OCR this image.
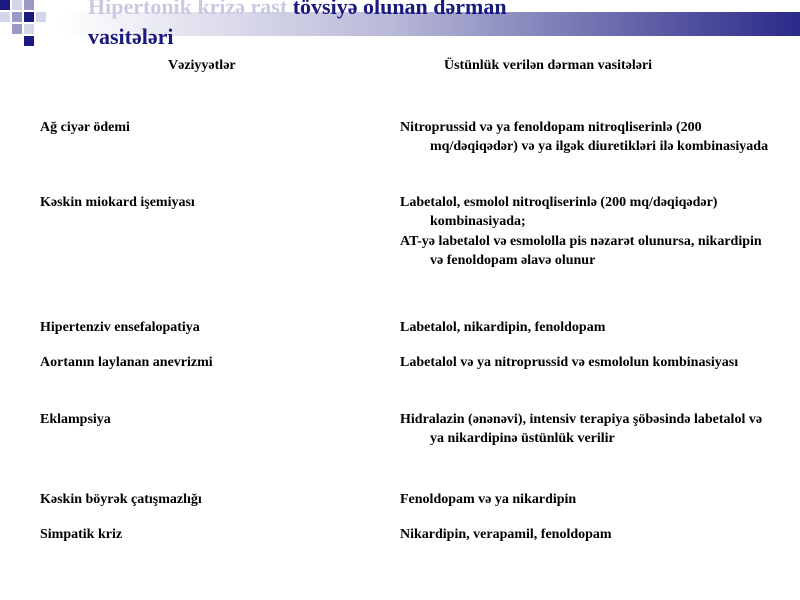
Hipertonik krizə rast tövsiyə olunan dərman
vasitələri
Vəziyyətlər	Üstünlük verilən dərman vasitələri
Ağ ciyər ödemi	Nitroprussid və ya fenoldopam nitroqliserinlə (200 mq/dəqiqədər) və ya ilgək diuretikləri ilə kombinasiyada

Kəskin miokard işemiyası	Labetalol, esmolol nitroqliserinlə (200 mq/dəqiqədər) kombinasiyada;

AT-yə labetalol və esmololla pis nəzarət olunursa, nikardipin və fenoldopam əlavə olunur

Hipertenziv ensefalopatiya	Labetalol, nikardipin, fenoldopam

Aortanın laylanan anevrizmi	Labetalol və ya nitroprussid və esmololun kombinasiyası

Eklampsiya	Hidralazin (ənənəvi), intensiv terapiya şöbəsində labetalol və ya nikardipinə üstünlük verilir

Kəskin böyrək çatışmazlığı	Fenoldopam və ya nikardipin

Simpatik kriz	Nikardipin, verapamil, fenoldopam
